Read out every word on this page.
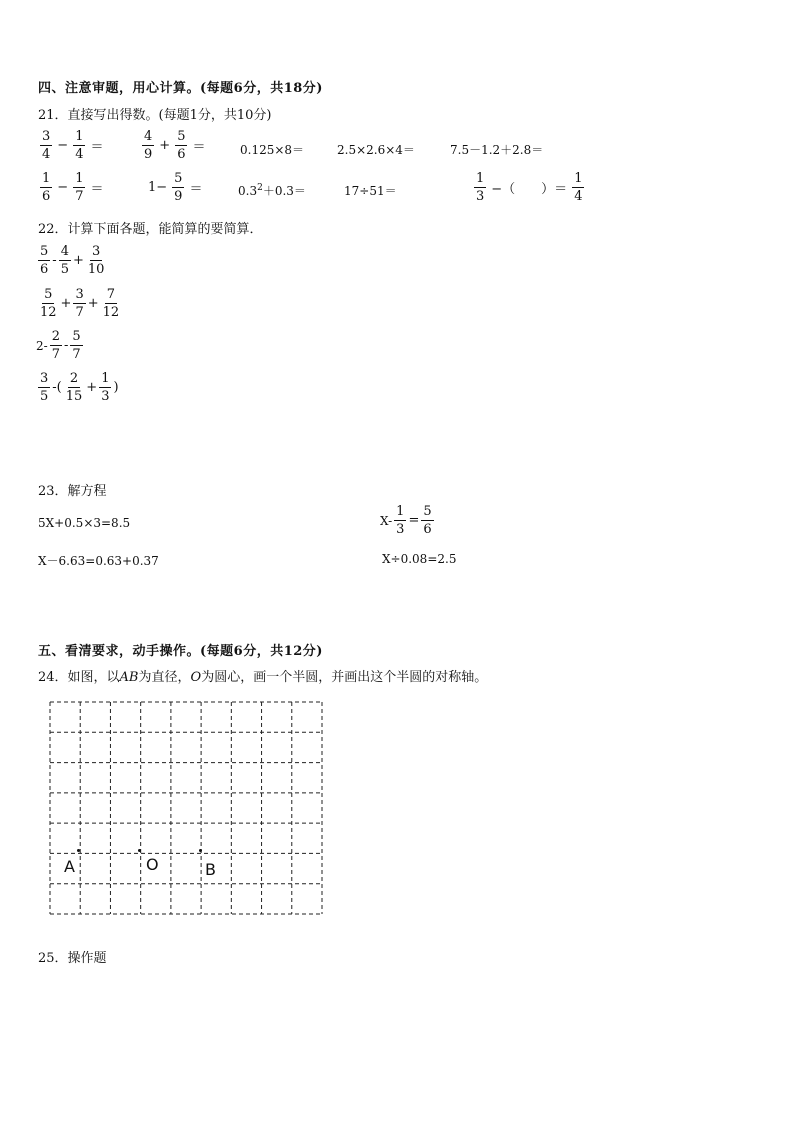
四、注意审题，用心计算。(每题6分，共18分)
21．直接写出得数。(每题1分，共10分)
$\frac{3}{4} - \frac{1}{4}$ ＝	$\frac{4}{9} + \frac{5}{6}$ ＝	0.125×8＝	2.5×2.6×4＝	7.5－1.2＋2.8＝
$\frac{1}{6} - \frac{1}{7}$ ＝	$1- \frac{5}{9}$ ＝	$0.3^2+0.3=$	17÷51＝	$\frac{1}{3}$ −（　　）＝ $\frac{1}{4}$
22．计算下面各题，能简算的要简算．
$\frac{5}{6} - \frac{4}{5} + \frac{3}{10}$
$\frac{5}{12} + \frac{3}{7} + \frac{7}{12}$
$2- \frac{2}{7} - \frac{5}{7}$
$\frac{3}{5}$ -( $\frac{2}{15} + \frac{1}{3}$ )
23．解方程
5X+0.5×3=8.5	$X- \frac{1}{3} = \frac{5}{6}$
X－6.63=0.63+0.37	X÷0.08=2.5
五、看清要求，动手操作。(每题6分，共12分)
24．如图，以AB为直径，O为圆心，画一个半圆，并画出这个半圆的对称轴。
A	O	B
25．操作题
